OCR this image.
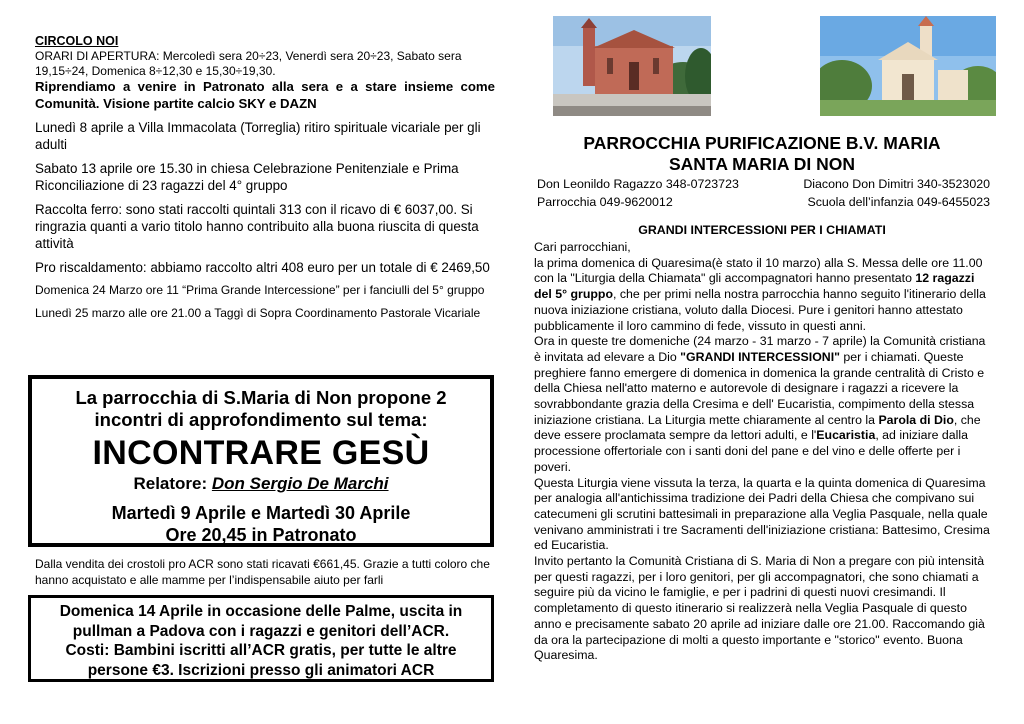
CIRCOLO NOI
ORARI DI APERTURA: Mercoledì sera 20÷23, Venerdì sera 20÷23, Sabato sera 19,15÷24, Domenica 8÷12,30 e 15,30÷19,30.
Riprendiamo a venire in Patronato alla sera e a stare insieme come Comunità. Visione partite calcio SKY e DAZN
Lunedì 8 aprile a Villa Immacolata (Torreglia) ritiro spirituale vicariale per gli adulti
Sabato 13 aprile ore 15.30 in chiesa Celebrazione Penitenziale e Prima Riconciliazione di 23 ragazzi del 4° gruppo
Raccolta ferro: sono stati raccolti quintali 313 con il ricavo di € 6037,00. Si ringrazia quanti a vario titolo hanno contribuito alla buona riuscita di questa attività
Pro riscaldamento: abbiamo raccolto altri 408 euro per un totale di € 2469,50
Domenica 24 Marzo ore 11 “Prima Grande Intercessione” per i fanciulli del 5° gruppo
Lunedì 25 marzo alle ore 21.00 a Taggì di Sopra Coordinamento Pastorale Vicariale
La parrocchia di S.Maria di Non propone 2
incontri di approfondimento sul tema:
INCONTRARE GESÙ
Relatore: Don Sergio De Marchi
Martedì 9 Aprile e Martedì 30 Aprile
Ore 20,45 in Patronato
Dalla vendita dei crostoli pro ACR sono stati ricavati €661,45. Grazie a tutti coloro che hanno acquistato e alle mamme per l’indispensabile aiuto per farli
Domenica 14 Aprile in occasione delle Palme, uscita in
pullman a Padova con i ragazzi e genitori dell’ACR.
Costi: Bambini iscritti all’ACR gratis, per tutte le altre
persone €3. Iscrizioni presso gli animatori ACR
PARROCCHIA PURIFICAZIONE B.V. MARIA
SANTA MARIA DI NON
Don Leonildo Ragazzo 348-0723723	Diacono Don Dimitri 340-3523020
Parrocchia 049-9620012	Scuola dell’infanzia 049-6455023
GRANDI INTERCESSIONI PER I CHIAMATI
Cari parrocchiani,
la prima domenica di Quaresima(è stato il 10 marzo) alla S. Messa delle ore 11.00 con la "Liturgia della Chiamata" gli accompagnatori hanno presentato 12 ragazzi del 5° gruppo, che per primi nella nostra parrocchia hanno seguito l'itinerario della nuova iniziazione cristiana, voluto dalla Diocesi. Pure i genitori hanno attestato pubblicamente il loro cammino di fede, vissuto in questi anni.
Ora in queste tre domeniche (24 marzo - 31 marzo - 7 aprile) la Comunità cristiana è invitata ad elevare a Dio "GRANDI INTERCESSIONI" per i chiamati. Queste preghiere fanno emergere di domenica in domenica la grande centralità di Cristo e della Chiesa nell'atto materno e autorevole di designare i ragazzi a ricevere la sovrabbondante grazia della Cresima e dell' Eucaristia, compimento della stessa iniziazione cristiana. La Liturgia mette chiaramente al centro la Parola di Dio, che deve essere proclamata sempre da lettori adulti, e l'Eucaristia, ad iniziare dalla processione offertoriale con i santi doni del pane e del vino e delle offerte per i poveri.
Questa Liturgia viene vissuta la terza, la quarta e la quinta domenica di Quaresima per analogia all'antichissima tradizione dei Padri della Chiesa che compivano sui catecumeni gli scrutini battesimali in preparazione alla Veglia Pasquale, nella quale venivano amministrati i tre Sacramenti dell'iniziazione cristiana: Battesimo, Cresima ed Eucaristia.
Invito pertanto la Comunità Cristiana di S. Maria di Non a pregare con più intensità per questi ragazzi, per i loro genitori, per gli accompagnatori, che sono chiamati a seguire più da vicino le famiglie, e per i padrini di questi nuovi cresimandi. Il completamento di questo itinerario si realizzerà nella Veglia Pasquale di questo anno e precisamente sabato 20 aprile ad iniziare dalle ore 21.00. Raccomando già da ora la partecipazione di molti a questo importante e "storico" evento. Buona Quaresima.
